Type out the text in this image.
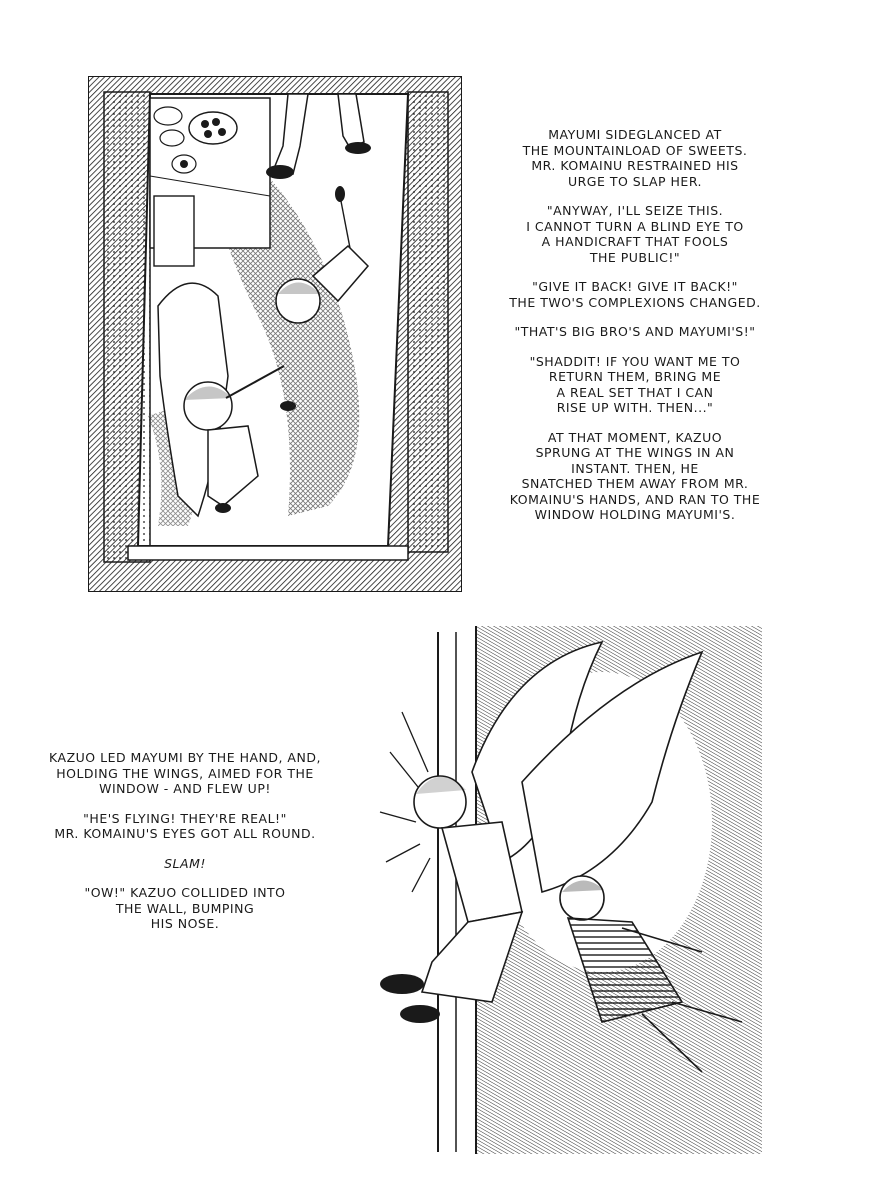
MAYUMI SIDEGLANCED AT
THE MOUNTAINLOAD OF SWEETS.
MR. KOMAINU RESTRAINED HIS
URGE TO SLAP HER.

"ANYWAY, I'LL SEIZE THIS.
I CANNOT TURN A BLIND EYE TO
A HANDICRAFT THAT FOOLS
THE PUBLIC!"

"GIVE IT BACK! GIVE IT BACK!"
THE TWO'S COMPLEXIONS CHANGED.

"THAT'S BIG BRO'S AND MAYUMI'S!"

"SHADDIT! IF YOU WANT ME TO
RETURN THEM, BRING ME
A REAL SET THAT I CAN
RISE UP WITH. THEN..."

AT THAT MOMENT, KAZUO
SPRUNG AT THE WINGS IN AN
INSTANT. THEN, HE
SNATCHED THEM AWAY FROM MR.
KOMAINU'S HANDS, AND RAN TO THE
WINDOW HOLDING MAYUMI'S.

KAZUO LED MAYUMI BY THE HAND, AND,
HOLDING THE WINGS, AIMED FOR THE
WINDOW - AND FLEW UP!

"HE'S FLYING! THEY'RE REAL!"
MR. KOMAINU'S EYES GOT ALL ROUND.

SLAM!

"OW!" KAZUO COLLIDED INTO
THE WALL, BUMPING
HIS NOSE.
